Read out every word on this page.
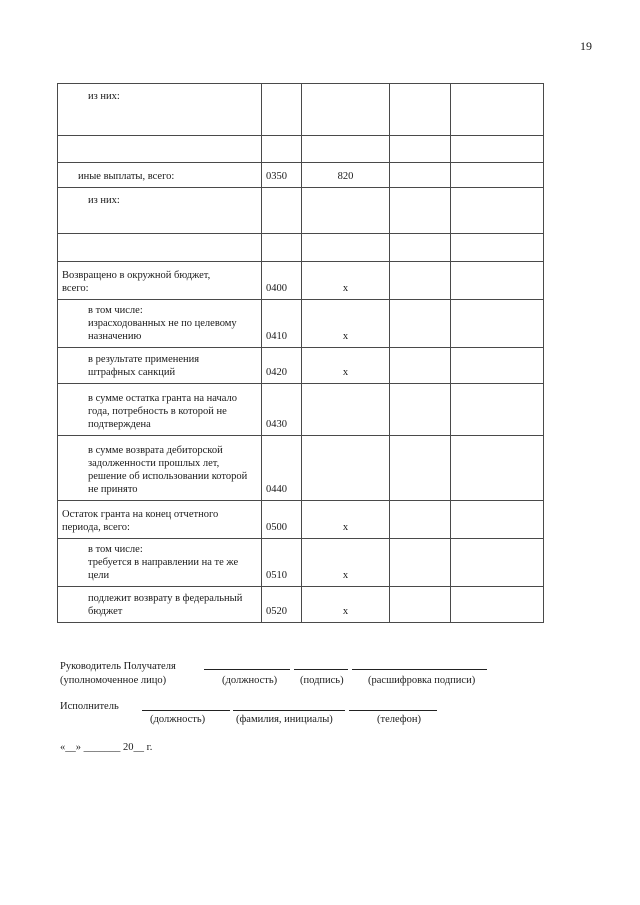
19
из них:				

иные выплаты, всего:	0350	820		
из них:				

Возвращено в окружной бюджет,
всего:	0400	x		
в том числе:
израсходованных не по целевому
назначению	0410	x		
в результате применения
штрафных санкций	0420	x		
в сумме остатка гранта на начало
года, потребность в которой не
подтверждена	0430			
в сумме возврата дебиторской
задолженности прошлых лет,
решение об использовании которой
не принято	0440			
Остаток гранта на конец отчетного
периода, всего:	0500	x		
в том числе:
требуется в направлении на те же
цели	0510	x		
подлежит возврату в федеральный
бюджет	0520	x		
Руководитель Получателя
(уполномоченное лицо)	(должность) (подпись) (расшифровка подписи)
Исполнитель
(должность)	(фамилия, инициалы)	(телефон)
«__» _______ 20__ г.
